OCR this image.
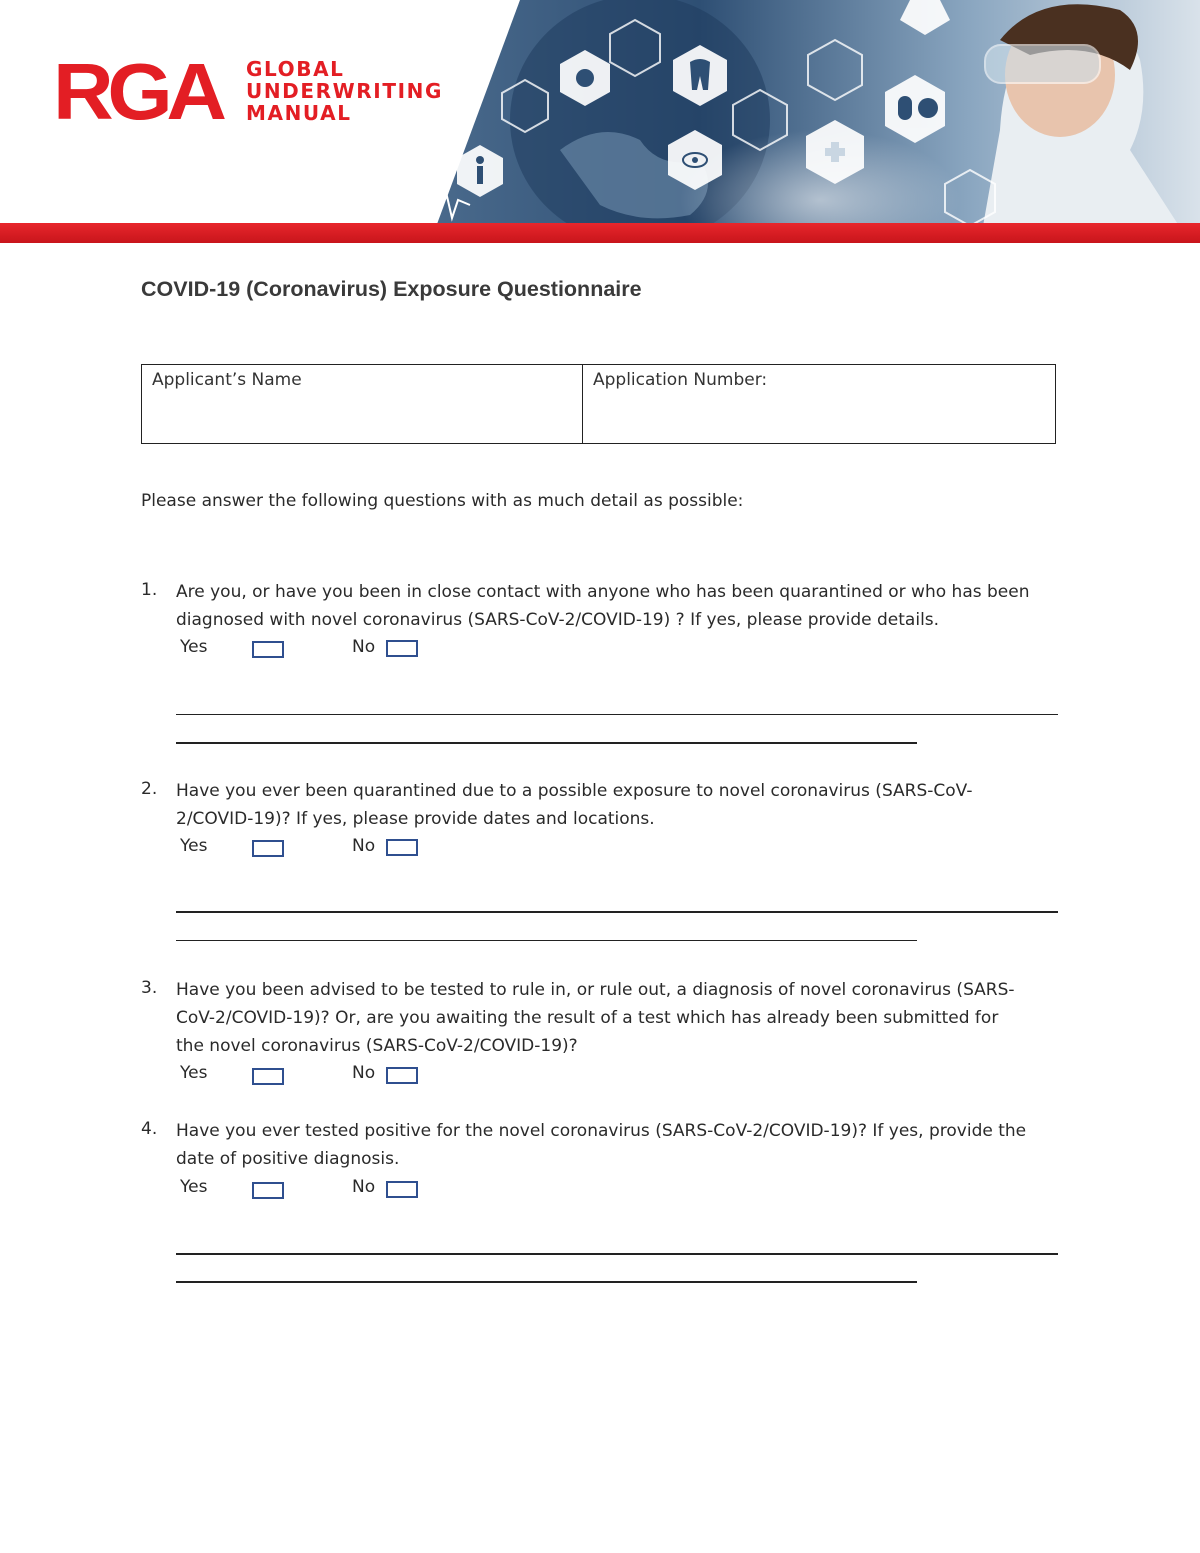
RGA GLOBAL
UNDERWRITING
MANUAL
COVID-19 (Coronavirus) Exposure Questionnaire
Applicant’s Name	Application Number:
Please answer the following questions with as much detail as possible:
1. Are you, or have you been in close contact with anyone who has been quarantined or who has been
diagnosed with novel coronavirus (SARS-CoV-2/COVID-19) ? If yes, please provide details.
Yes	No
2. Have you ever been quarantined due to a possible exposure to novel coronavirus (SARS-CoV-
2/COVID-19)? If yes, please provide dates and locations.
Yes	No
3. Have you been advised to be tested to rule in, or rule out, a diagnosis of novel coronavirus (SARS-
CoV-2/COVID-19)? Or, are you awaiting the result of a test which has already been submitted for
the novel coronavirus (SARS-CoV-2/COVID-19)?
Yes	No
4. Have you ever tested positive for the novel coronavirus (SARS-CoV-2/COVID-19)? If yes, provide the
date of positive diagnosis.
Yes	No
